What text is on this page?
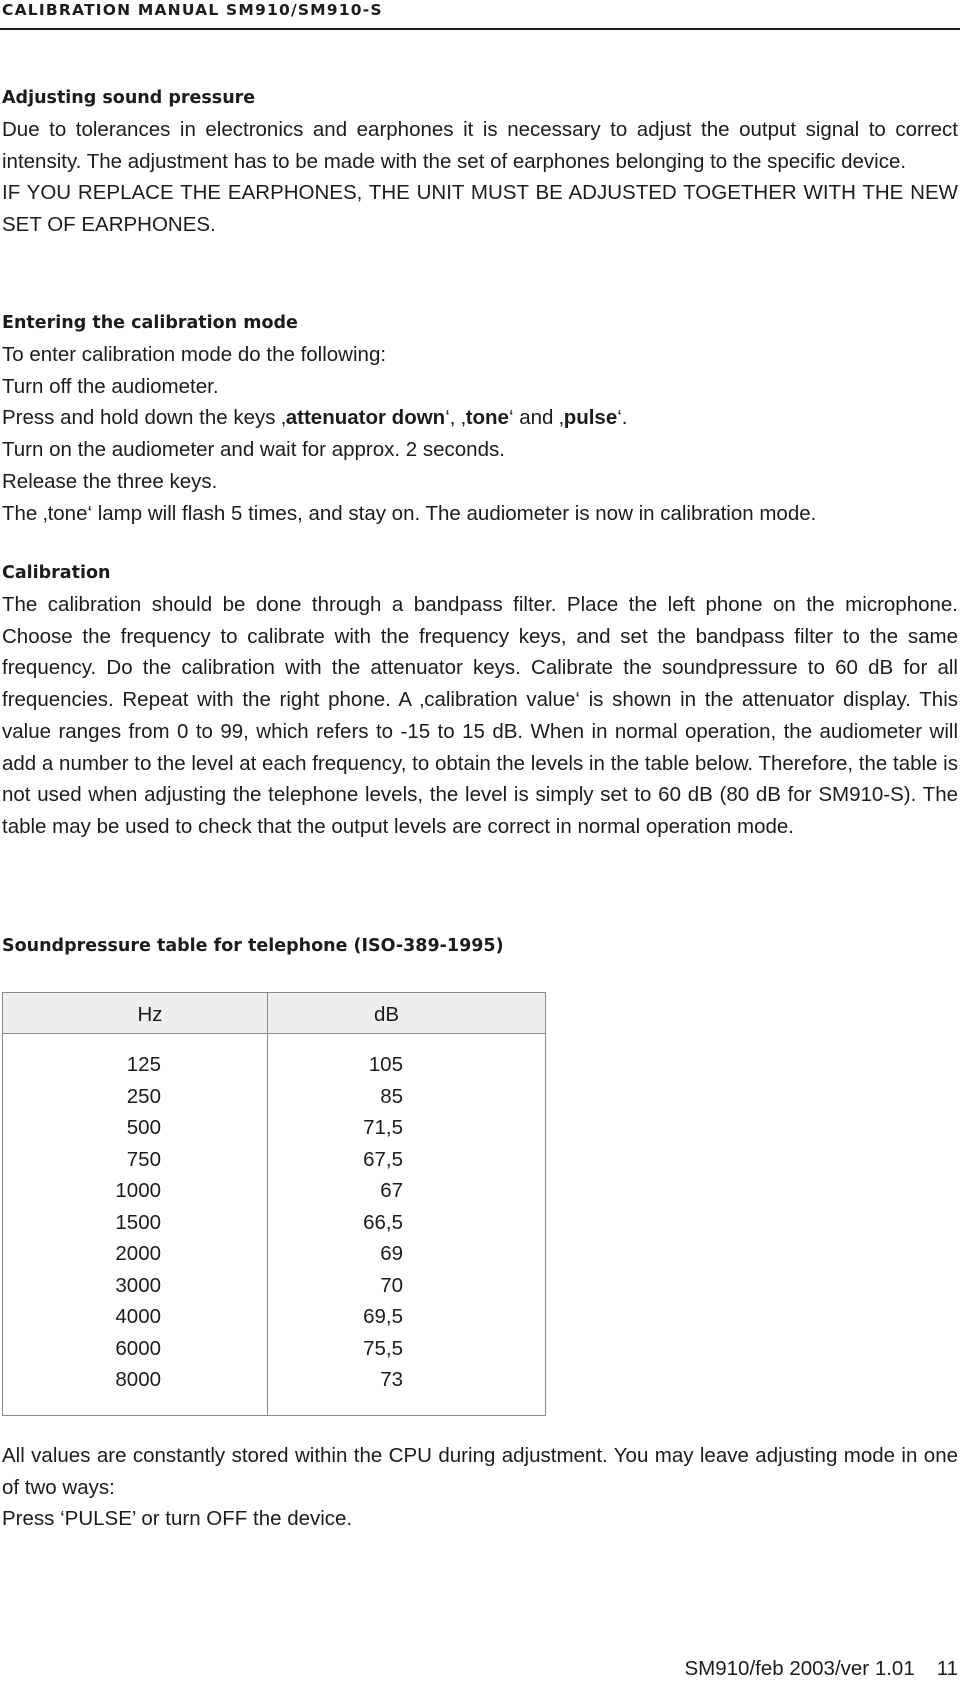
CALIBRATION MANUAL SM910/SM910-S
Adjusting sound pressure

Due to tolerances in electronics and earphones it is necessary to adjust the output signal to correct intensity. The adjustment has to be made with the set of earphones belonging to the specific device.

IF YOU REPLACE THE EARPHONES, THE UNIT MUST BE ADJUSTED TOGETHER WITH THE NEW SET OF EARPHONES.

Entering the calibration mode

To enter calibration mode do the following:

Turn off the audiometer.

Press and hold down the keys ‚attenuator down‘, ‚tone‘ and ‚pulse‘.

Turn on the audiometer and wait for approx. 2 seconds.

Release the three keys.

The ‚tone‘ lamp will flash 5 times, and stay on. The audiometer is now in calibration mode.

Calibration

The calibration should be done through a bandpass filter. Place the left phone on the microphone. Choose the frequency to calibrate with the frequency keys, and set the bandpass filter to the same frequency. Do the calibration with the attenuator keys. Calibrate the soundpressure to 60 dB for all frequencies. Repeat with the right phone. A ‚calibration value‘ is shown in the attenuator display. This value ranges from 0 to 99, which refers to -15 to 15 dB. When in normal operation, the audiometer will add a number to the level at each frequency, to obtain the levels in the table below. Therefore, the table is not used when adjusting the telephone levels, the level is simply set to 60 dB (80 dB for SM910-S). The table may be used to check that the output levels are correct in normal operation mode.

Soundpressure table for telephone (ISO-389-1995)
Hz	dB
125	105
250	85
500	71,5
750	67,5
1000	67
1500	66,5
2000	69
3000	70
4000	69,5
6000	75,5
8000	73

All values are constantly stored within the CPU during adjustment. You may leave adjusting mode in one of two ways:

Press ‘PULSE’ or turn OFF the device.

SM910/feb 2003/ver 1.01 11
